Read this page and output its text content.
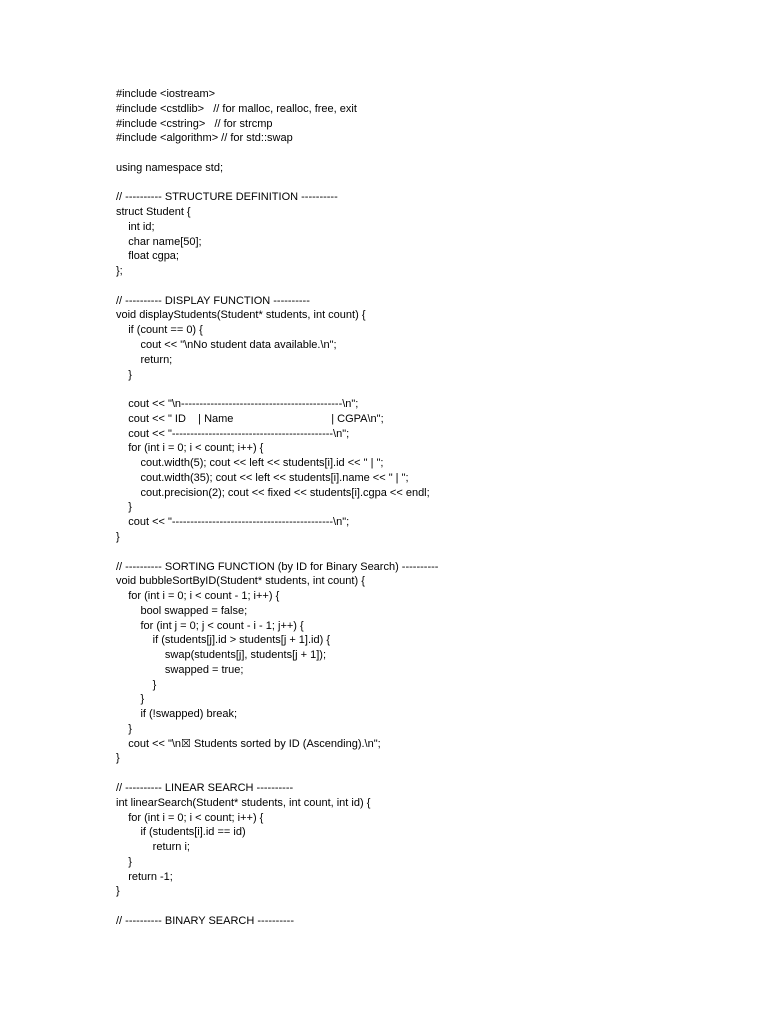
#include <iostream>
#include <cstdlib>   // for malloc, realloc, free, exit
#include <cstring>   // for strcmp
#include <algorithm> // for std::swap
using namespace std;
// ---------- STRUCTURE DEFINITION ----------
struct Student {
int id;
char name[50];
float cgpa;
};
// ---------- DISPLAY FUNCTION ----------
void displayStudents(Student* students, int count) {
if (count == 0) {
cout << "\nNo student data available.\n";
return;
}
cout << "\n--------------------------------------------\n";
cout << " ID    | Name                                | CGPA\n";
cout << "--------------------------------------------\n";
for (int i = 0; i < count; i++) {
cout.width(5); cout << left << students[i].id << " | ";
cout.width(35); cout << left << students[i].name << " | ";
cout.precision(2); cout << fixed << students[i].cgpa << endl;
}
cout << "--------------------------------------------\n";
}
// ---------- SORTING FUNCTION (by ID for Binary Search) ----------
void bubbleSortByID(Student* students, int count) {
for (int i = 0; i < count - 1; i++) {
bool swapped = false;
for (int j = 0; j < count - i - 1; j++) {
if (students[j].id > students[j + 1].id) {
swap(students[j], students[j + 1]);
swapped = true;
}
}
if (!swapped) break;
}
cout << "\n☒ Students sorted by ID (Ascending).\n";
}
// ---------- LINEAR SEARCH ----------
int linearSearch(Student* students, int count, int id) {
for (int i = 0; i < count; i++) {
if (students[i].id == id)
return i;
}
return -1;
}
// ---------- BINARY SEARCH ----------
